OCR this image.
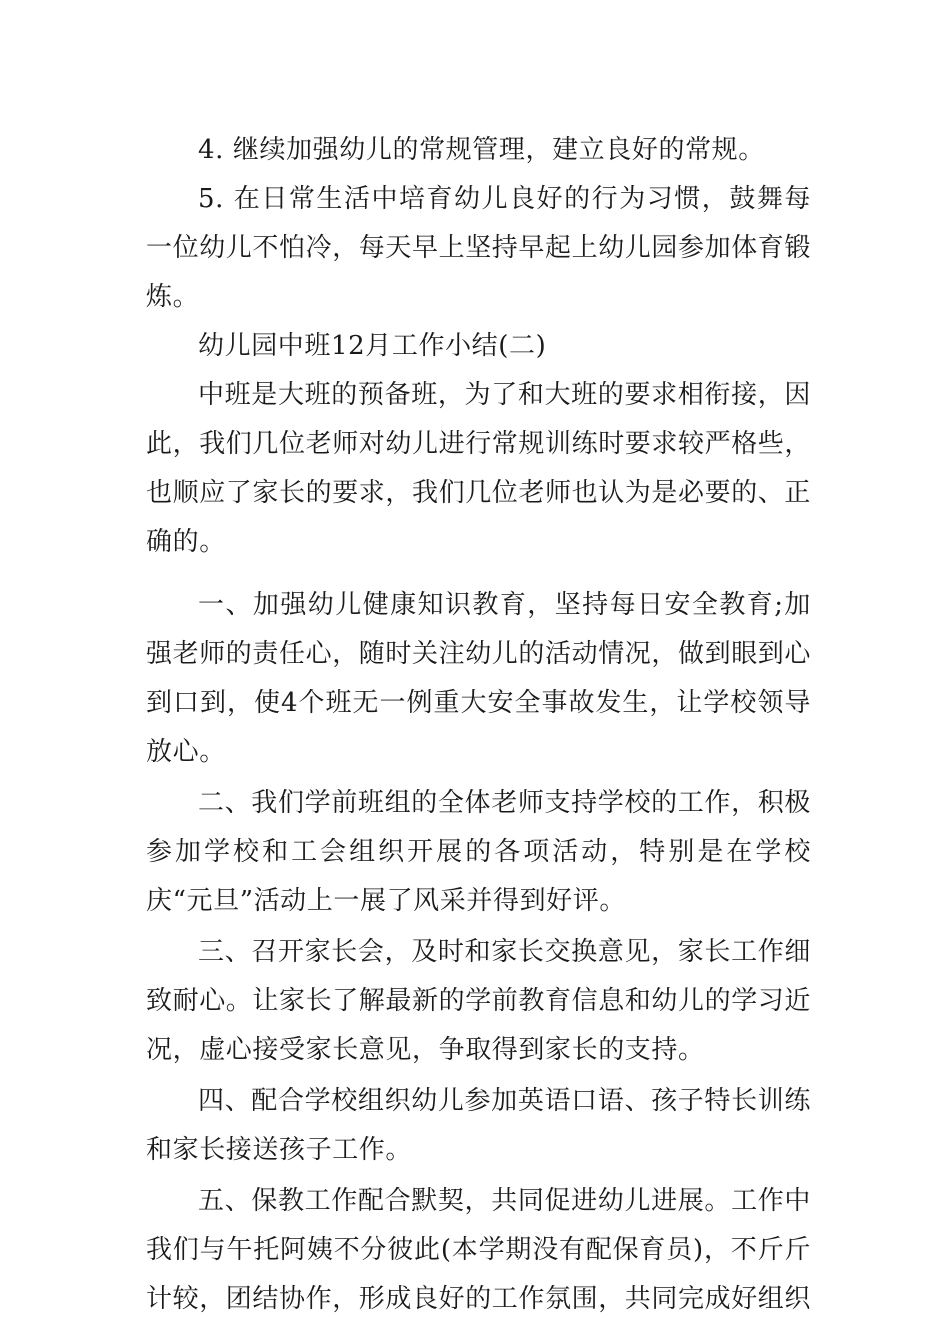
4. 继续加强幼儿的常规管理，建立良好的常规。

5. 在日常生活中培育幼儿良好的行为习惯，鼓舞每一位幼儿不怕冷，每天早上坚持早起上幼儿园参加体育锻炼。

幼儿园中班12月工作小结(二)

中班是大班的预备班，为了和大班的要求相衔接，因此，我们几位老师对幼儿进行常规训练时要求较严格些，也顺应了家长的要求，我们几位老师也认为是必要的、正确的。

一、加强幼儿健康知识教育，坚持每日安全教育;加强老师的责任心，随时关注幼儿的活动情况，做到眼到心到口到，使4个班无一例重大安全事故发生，让学校领导放心。

二、我们学前班组的全体老师支持学校的工作，积极参加学校和工会组织开展的各项活动，特别是在学校庆“元旦”活动上一展了风采并得到好评。

三、召开家长会，及时和家长交换意见，家长工作细致耐心。让家长了解最新的学前教育信息和幼儿的学习近况，虚心接受家长意见，争取得到家长的支持。

四、配合学校组织幼儿参加英语口语、孩子特长训练和家长接送孩子工作。

五、保教工作配合默契，共同促进幼儿进展。工作中我们与午托阿姨不分彼此(本学期没有配保育员)，不斤斤计较，团结协作，形成良好的工作氛围，共同完成好组织
